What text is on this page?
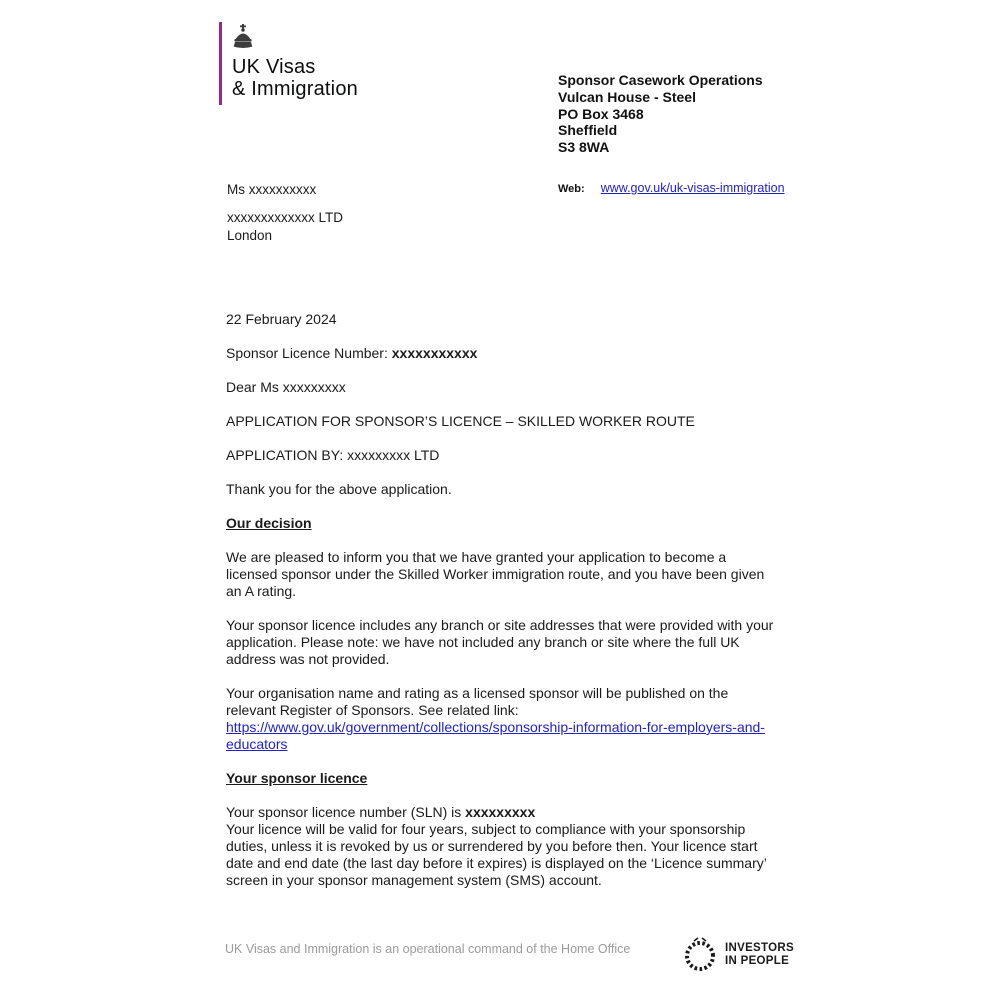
UK Visas
& Immigration	Sponsor Casework Operations
Vulcan House - Steel
PO Box 3468
Sheffield
S3 8WA
Web: www.gov.uk/uk-visas-immigration
Ms xxxxxxxxxx
xxxxxxxxxxxxx LTD
London

22 February 2024

Sponsor Licence Number: xxxxxxxxxxx

Dear Ms xxxxxxxxx

APPLICATION FOR SPONSOR’S LICENCE – SKILLED WORKER ROUTE

APPLICATION BY: xxxxxxxxx LTD

Thank you for the above application.

Our decision

We are pleased to inform you that we have granted your application to become a licensed sponsor under the Skilled Worker immigration route, and you have been given an A rating.

Your sponsor licence includes any branch or site addresses that were provided with your application. Please note: we have not included any branch or site where the full UK address was not provided.

Your organisation name and rating as a licensed sponsor will be published on the relevant Register of Sponsors. See related link:
https://www.gov.uk/government/collections/sponsorship-information-for-employers-and-educators

Your sponsor licence

Your sponsor licence number (SLN) is xxxxxxxxx

Your licence will be valid for four years, subject to compliance with your sponsorship duties, unless it is revoked by us or surrendered by you before then. Your licence start date and end date (the last day before it expires) is displayed on the ‘Licence summary’ screen in your sponsor management system (SMS) account.

UK Visas and Immigration is an operational command of the Home Office	INVESTORS
IN PEOPLE
